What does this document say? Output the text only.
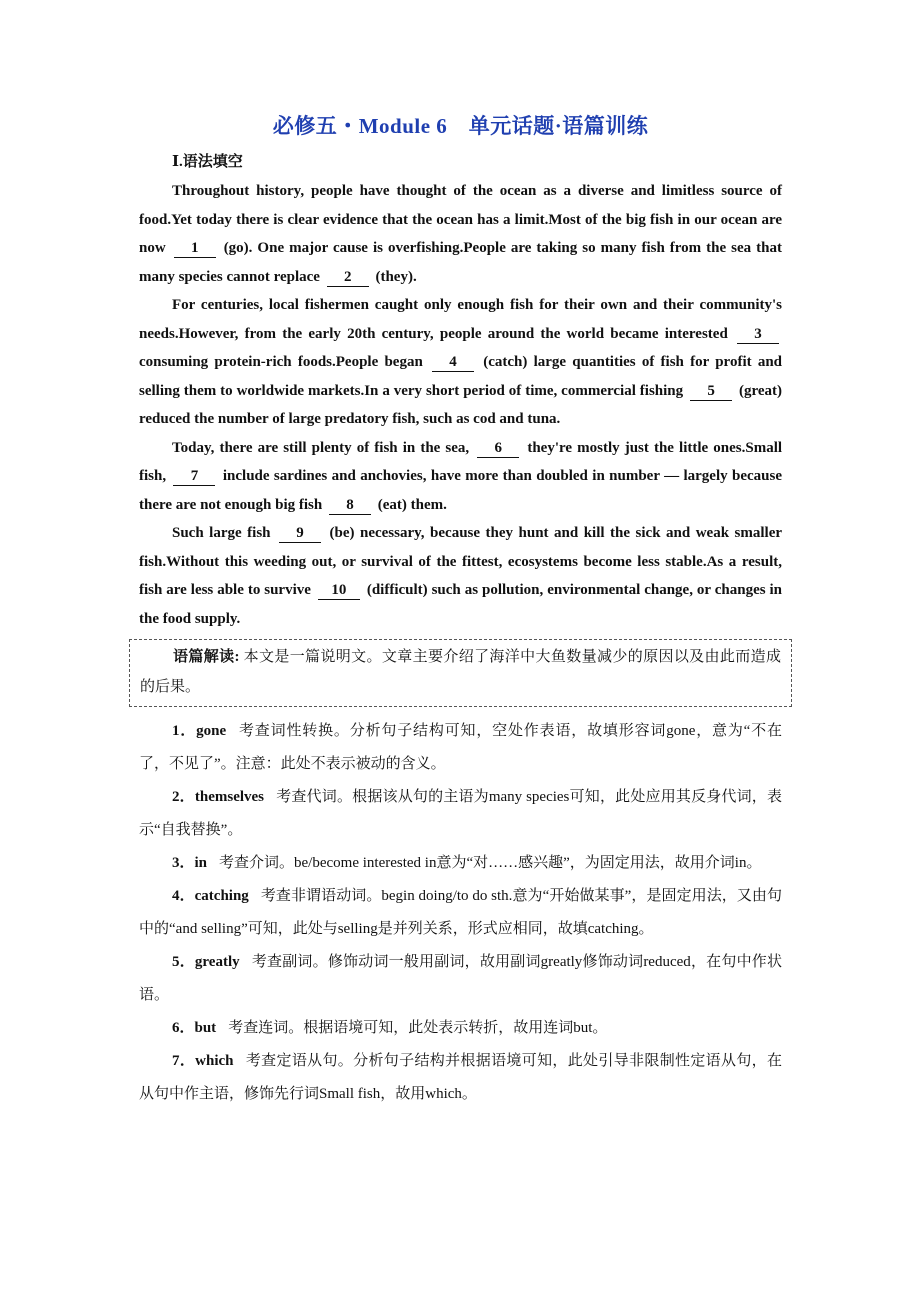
必修五・Module 6　单元话题·语篇训练
Ⅰ.语法填空

Throughout history, people have thought of the ocean as a diverse and limitless source of food.Yet today there is clear evidence that the ocean has a limit.Most of the big fish in our ocean are now 1 (go). One major cause is overfishing.People are taking so many fish from the sea that many species cannot replace 2 (they).

For centuries, local fishermen caught only enough fish for their own and their community's needs.However, from the early 20th century, people around the world became interested 3 consuming protein-rich foods.People began 4 (catch) large quantities of fish for profit and selling them to worldwide markets.In a very short period of time, commercial fishing 5 (great) reduced the number of large predatory fish, such as cod and tuna.

Today, there are still plenty of fish in the sea, 6 they're mostly just the little ones.Small fish, 7 include sardines and anchovies, have more than doubled in number — largely because there are not enough big fish 8 (eat) them.

Such large fish 9 (be) necessary, because they hunt and kill the sick and weak smaller fish.Without this weeding out, or survival of the fittest, ecosystems become less stable.As a result, fish are less able to survive 10 (difficult) such as pollution, environmental change, or changes in the food supply.

语篇解读: 本文是一篇说明文。文章主要介绍了海洋中大鱼数量减少的原因以及由此而造成的后果。

1．gone 考查词性转换。分析句子结构可知，空处作表语，故填形容词gone，意为“不在了，不见了”。注意：此处不表示被动的含义。

2．themselves 考查代词。根据该从句的主语为many species可知，此处应用其反身代词，表示“自我替换”。

3．in 考查介词。be/become interested in意为“对……感兴趣”，为固定用法，故用介词in。

4．catching 考查非谓语动词。begin doing/to do sth.意为“开始做某事”，是固定用法，又由句中的“and selling”可知，此处与selling是并列关系，形式应相同，故填catching。

5．greatly 考查副词。修饰动词一般用副词，故用副词greatly修饰动词reduced，在句中作状语。

6．but 考查连词。根据语境可知，此处表示转折，故用连词but。

7．which 考查定语从句。分析句子结构并根据语境可知，此处引导非限制性定语从句，在从句中作主语，修饰先行词Small fish，故用which。
